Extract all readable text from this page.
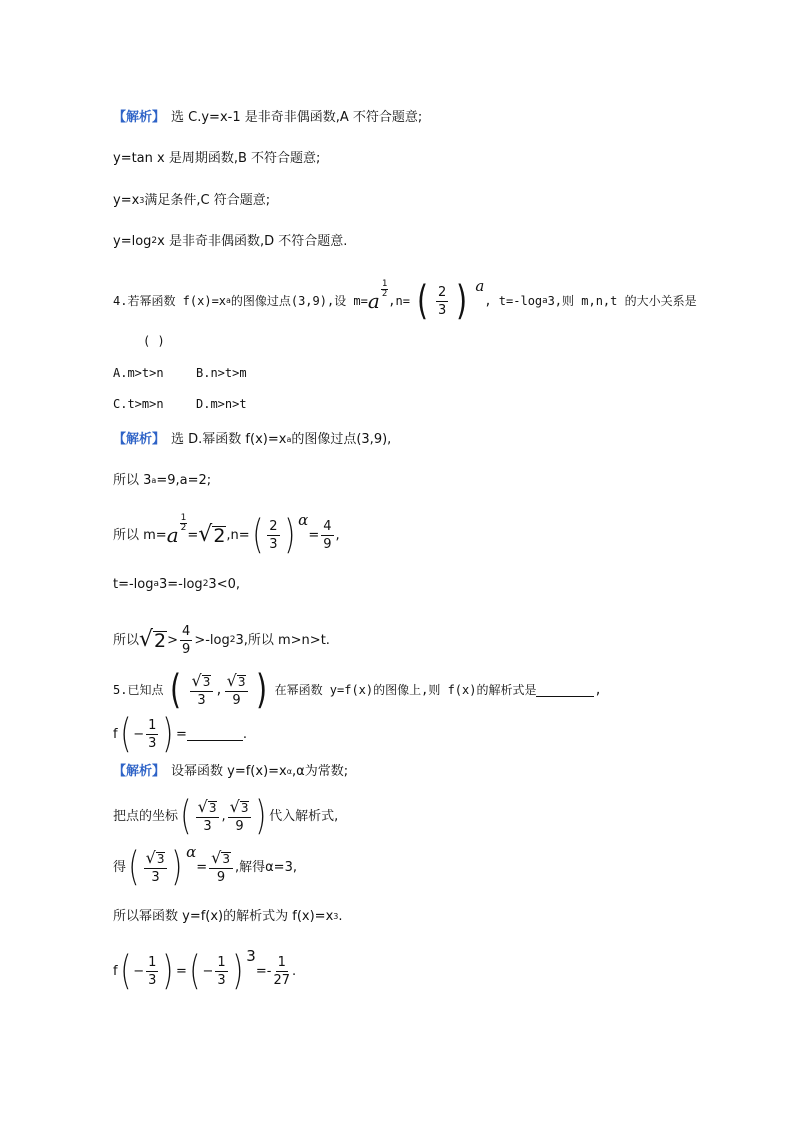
【解析】 选 C.y=x-1 是非奇非偶函数,A 不符合题意;
y=tan x 是周期函数,B 不符合题意;
y=x 3 满足条件,C 符合题意;
y=log 2 x 是非奇非偶函数,D 不符合题意.
4.若幂函数 f(x)=x a 的图像过点(3,9),设 m= a $\frac{1}{2}$
,n= ( $\frac{2}{3}$ ) a
, t=-log a 3,则 m,n,t 的大小关系是
( )
A.m>t>n	B.n>t>m
C.t>m>n	D.m>n>t
【解析】 选 D.幂函数 f(x)=x a 的图像过点(3,9),
所以 3 a =9,a=2;
所以 m= a $\frac{1}{2}$
= √ 2 ,n= ( $\frac{2}{3}$ ) α
= $\frac{4}{9}$ ,
t=-log a 3=-log 2 3<0,
所以 √ $2 > \frac{4}{9} >-\log$ 2 3,所以 m>n>t.
5.已知点 ( $\frac{√ 3}{3}$ , $\frac{√ 3}{9}$ ) 在幂函数 y=f(x)的图像上,则 f(x)的解析式是	,
f ( − $\frac{1}{3}$ ) =	.
【解析】 设幂函数 y=f(x)=x α ,α为常数;
把点的坐标 ( $\frac{√ 3}{3}$ , $\frac{√ 3}{9}$ ) 代入解析式,
得 ( $\frac{√ 3}{3}$ ) α
= $\frac{√ 3}{9}$ ,解得α=3,
所以幂函数 y=f(x)的解析式为 f(x)=x 3 .
f ( − $\frac{1}{3}$ ) = ( − $\frac{1}{3}$ ) 3
=- $\frac{1}{27}$ .
